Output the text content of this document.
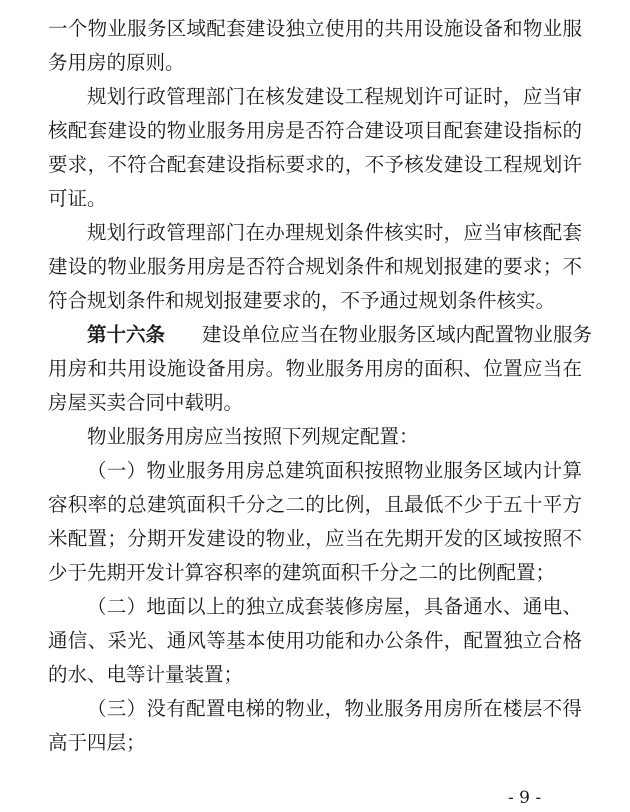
一个物业服务区域配套建设独立使用的共用设施设备和物业服
务用房的原则。
规划行政管理部门在核发建设工程规划许可证时，应当审
核配套建设的物业服务用房是否符合建设项目配套建设指标的
要求，不符合配套建设指标要求的，不予核发建设工程规划许
可证。
规划行政管理部门在办理规划条件核实时，应当审核配套
建设的物业服务用房是否符合规划条件和规划报建的要求；不
符合规划条件和规划报建要求的，不予通过规划条件核实。
第十六条	建设单位应当在物业服务区域内配置物业服务
用房和共用设施设备用房。物业服务用房的面积、位置应当在
房屋买卖合同中载明。
物业服务用房应当按照下列规定配置：
（一）物业服务用房总建筑面积按照物业服务区域内计算
容积率的总建筑面积千分之二的比例，且最低不少于五十平方
米配置；分期开发建设的物业，应当在先期开发的区域按照不
少于先期开发计算容积率的建筑面积千分之二的比例配置；
- 9 -
（二）地面以上的独立成套装修房屋，具备通水、通电、
通信、采光、通风等基本使用功能和办公条件，配置独立合格
的水、电等计量装置；
（三）没有配置电梯的物业，物业服务用房所在楼层不得
高于四层；
